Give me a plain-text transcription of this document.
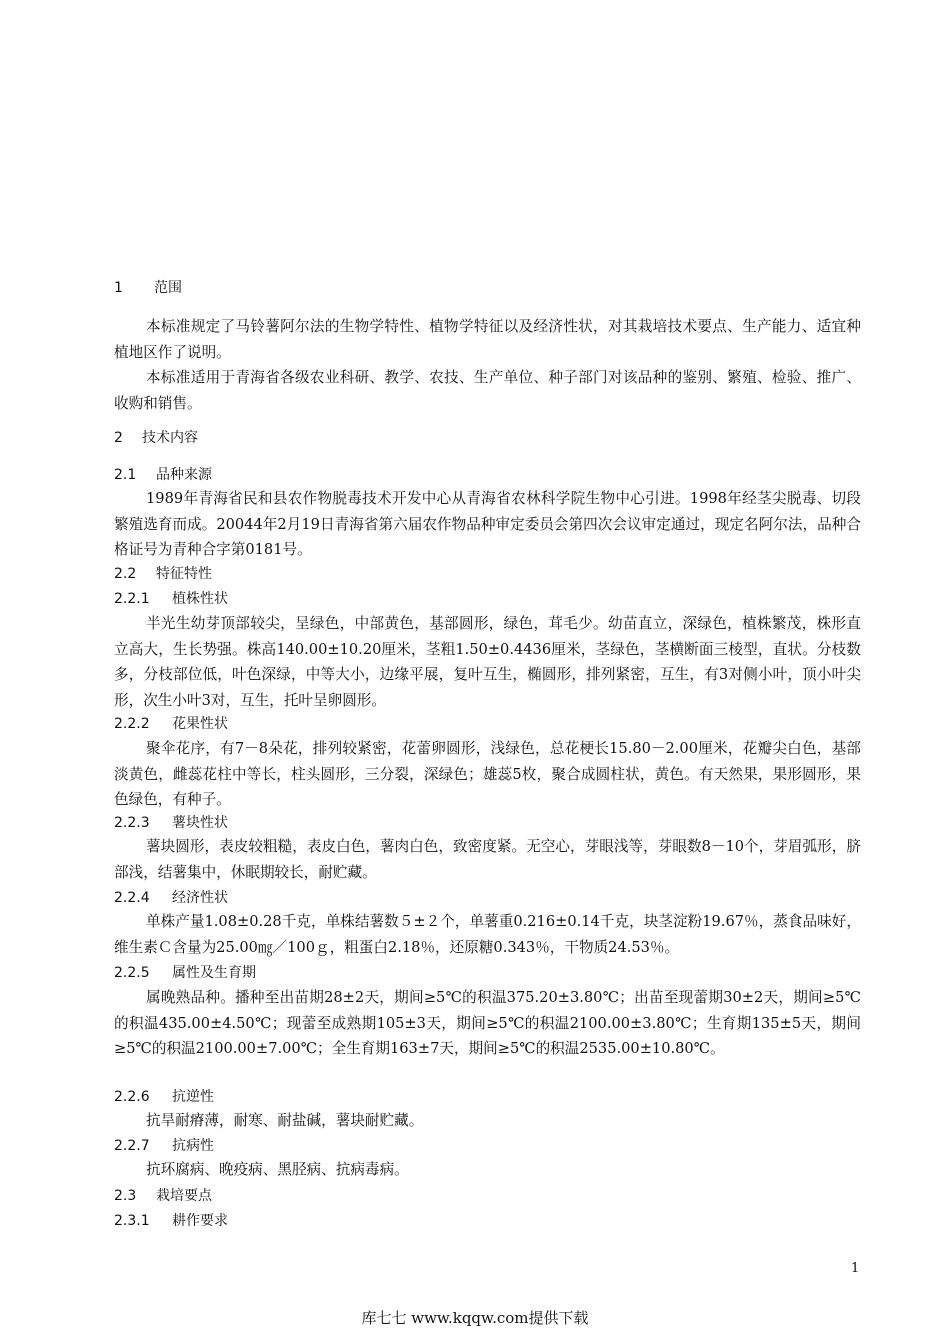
1 范围

本标准规定了马铃薯阿尔法的生物学特性、植物学特征以及经济性状，对其栽培技术要点、生产能力、适宜种植地区作了说明。

本标准适用于青海省各级农业科研、教学、农技、生产单位、种子部门对该品种的鉴别、繁殖、检验、推广、收购和销售。

2 技术内容
2.1 品种来源

1989年青海省民和县农作物脱毒技术开发中心从青海省农林科学院生物中心引进。1998年经茎尖脱毒、切段繁殖选育而成。20044年2月19日青海省第六届农作物品种审定委员会第四次会议审定通过，现定名阿尔法，品种合格证号为青种合字第0181号。

2.2 特征特性
2.2.1 植株性状

半光生幼芽顶部较尖，呈绿色，中部黄色，基部圆形，绿色，茸毛少。幼苗直立，深绿色，植株繁茂，株形直立高大，生长势强。株高140.00±10.20厘米，茎粗1.50±0.4436厘米，茎绿色，茎横断面三棱型，直状。分枝数多，分枝部位低，叶色深绿，中等大小，边缘平展，复叶互生，椭圆形，排列紧密，互生，有3对侧小叶，顶小叶尖形，次生小叶3对，互生，托叶呈卵圆形。

2.2.2 花果性状

聚伞花序，有7－8朵花，排列较紧密，花蕾卵圆形，浅绿色，总花梗长15.80－2.00厘米，花瓣尖白色，基部淡黄色，雌蕊花柱中等长，柱头圆形，三分裂，深绿色；雄蕊5枚，聚合成圆柱状，黄色。有天然果，果形圆形，果色绿色，有种子。

2.2.3 薯块性状

薯块圆形，表皮较粗糙，表皮白色，薯肉白色，致密度紧。无空心，芽眼浅等，芽眼数8－10个，芽眉弧形，脐部浅，结薯集中，休眠期较长，耐贮藏。

2.2.4 经济性状

单株产量1.08±0.28千克，单株结薯数５±２个，单薯重0.216±0.14千克，块茎淀粉19.67％，蒸食品味好，维生素Ｃ含量为25.00㎎／100ｇ，粗蛋白2.18％，还原糖0.343％，干物质24.53％。

2.2.5 属性及生育期

属晚熟品种。播种至出苗期28±2天，期间≥5℃的积温375.20±3.80℃；出苗至现蕾期30±2天，期间≥5℃的积温435.00±4.50℃；现蕾至成熟期105±3天，期间≥5℃的积温2100.00±3.80℃；生育期135±5天，期间≥5℃的积温2100.00±7.00℃；全生育期163±7天，期间≥5℃的积温2535.00±10.80℃。

2.2.6 抗逆性

抗旱耐瘠薄，耐寒、耐盐碱，薯块耐贮藏。

2.2.7 抗病性

抗环腐病、晚疫病、黑胫病、抗病毒病。

2.3 栽培要点
2.3.1 耕作要求
1
库七七 www.kqqw.com提供下载
